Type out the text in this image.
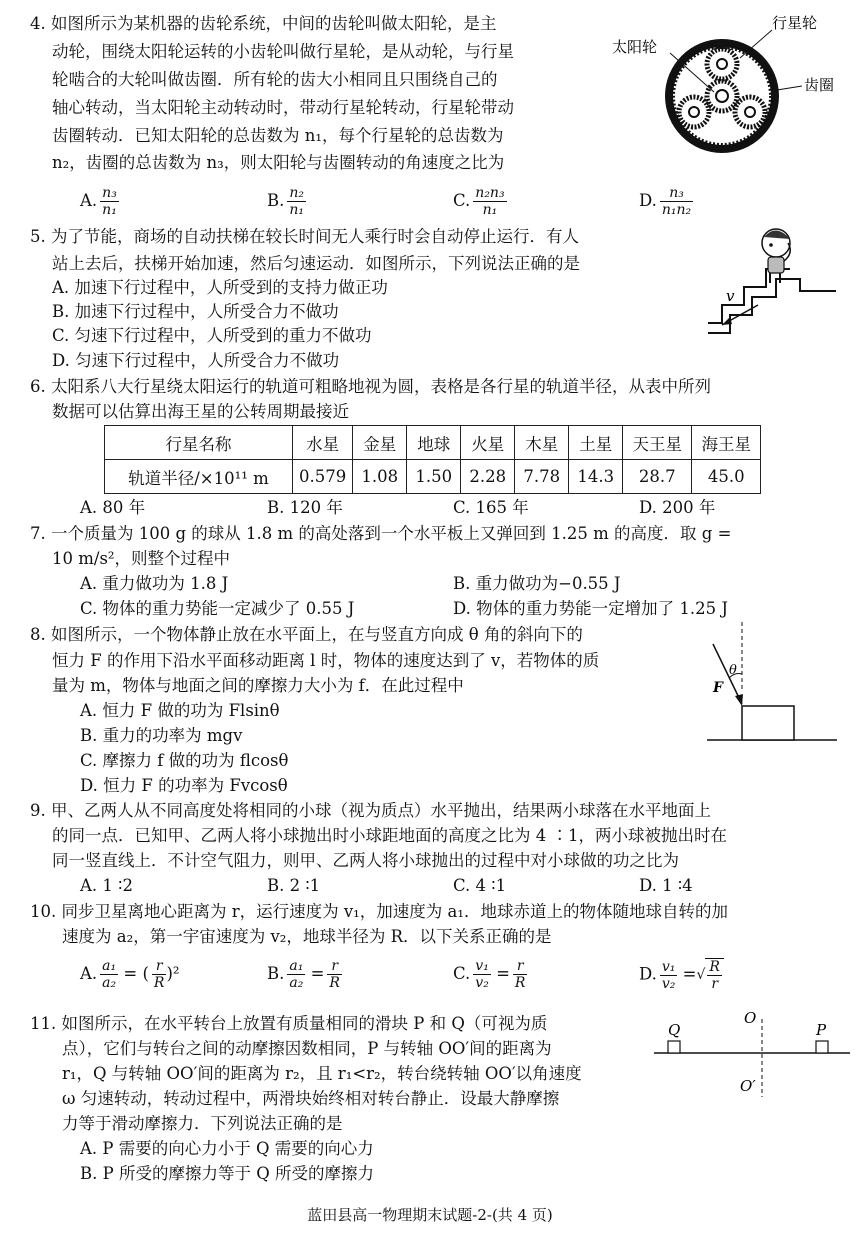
4. 如图所示为某机器的齿轮系统，中间的齿轮叫做太阳轮，是主
动轮，围绕太阳轮运转的小齿轮叫做行星轮，是从动轮，与行星
轮啮合的大轮叫做齿圈．所有轮的齿大小相同且只围绕自己的
轴心转动，当太阳轮主动转动时，带动行星轮转动，行星轮带动
齿圈转动．已知太阳轮的总齿数为 n₁，每个行星轮的总齿数为
n₂，齿圈的总齿数为 n₃，则太阳轮与齿圈转动的角速度之比为
行星轮
太阳轮
齿圈
A. $\frac{\text{n₃}}{\text{n₁}}$	B. $\frac{\text{n₂}}{\text{n₁}}$	C. $\frac{\text{n₂n₃}}{\text{n₁}}$	D. $\frac{\text{n₃}}{\text{n₁n₂}}$
5. 为了节能，商场的自动扶梯在较长时间无人乘行时会自动停止运行．有人
站上去后，扶梯开始加速，然后匀速运动．如图所示，下列说法正确的是
A. 加速下行过程中，人所受到的支持力做正功
B. 加速下行过程中，人所受合力不做功
C. 匀速下行过程中，人所受到的重力不做功
D. 匀速下行过程中，人所受合力不做功
v
6. 太阳系八大行星绕太阳运行的轨道可粗略地视为圆，表格是各行星的轨道半径，从表中所列
数据可以估算出海王星的公转周期最接近
行星名称	水星	金星	地球	火星	木星	土星	天王星	海王星
轨道半径/×10¹¹ m	0.579	1.08	1.50	2.28	7.78	14.3	28.7	45.0
A. 80 年	B. 120 年	C. 165 年	D. 200 年
7. 一个质量为 100 g 的球从 1.8 m 的高处落到一个水平板上又弹回到 1.25 m 的高度．取 g =
10 m/s²，则整个过程中
A. 重力做功为 1.8 J	B. 重力做功为−0.55 J
C. 物体的重力势能一定减少了 0.55 J	D. 物体的重力势能一定增加了 1.25 J
8. 如图所示，一个物体静止放在水平面上，在与竖直方向成 θ 角的斜向下的
恒力 F 的作用下沿水平面移动距离 l 时，物体的速度达到了 v，若物体的质
量为 m，物体与地面之间的摩擦力大小为 f．在此过程中
A. 恒力 F 做的功为 Flsinθ
B. 重力的功率为 mgv
C. 摩擦力 f 做的功为 flcosθ
D. 恒力 F 的功率为 Fvcosθ
θ
F
9. 甲、乙两人从不同高度处将相同的小球（视为质点）水平抛出，结果两小球落在水平地面上
的同一点．已知甲、乙两人将小球抛出时小球距地面的高度之比为 4 ∶1，两小球被抛出时在
同一竖直线上．不计空气阻力，则甲、乙两人将小球抛出的过程中对小球做的功之比为
A. 1 ∶2	B. 2 ∶1	C. 4 ∶1	D. 1 ∶4
10. 同步卫星离地心距离为 r，运行速度为 v₁，加速度为 a₁．地球赤道上的物体随地球自转的加
速度为 a₂，第一宇宙速度为 v₂，地球半径为 R．以下关系正确的是
A. $\frac{\text{a₁}}{\text{a₂}}$ = ( $\frac{r}{R} )^2$	B. $\frac{\text{a₁}}{\text{a₂}} = \frac{r}{R}$	C. $\frac{\text{v₁}}{\text{v₂}} = \frac{r}{R}$	D. $\frac{\text{v₁}}{\text{v₂}}$ =√ $\frac{R}{r}$
11. 如图所示，在水平转台上放置有质量相同的滑块 P 和 Q（可视为质
点），它们与转台之间的动摩擦因数相同，P 与转轴 OO′间的距离为
r₁，Q 与转轴 OO′间的距离为 r₂，且 r₁<r₂，转台绕转轴 OO′以角速度
ω 匀速转动，转动过程中，两滑块始终相对转台静止．设最大静摩擦
力等于滑动摩擦力．下列说法正确的是
A. P 需要的向心力小于 Q 需要的向心力
B. P 所受的摩擦力等于 Q 所受的摩擦力
Q
O
P
O′
蓝田县高一物理期末试题-2-(共 4 页)
